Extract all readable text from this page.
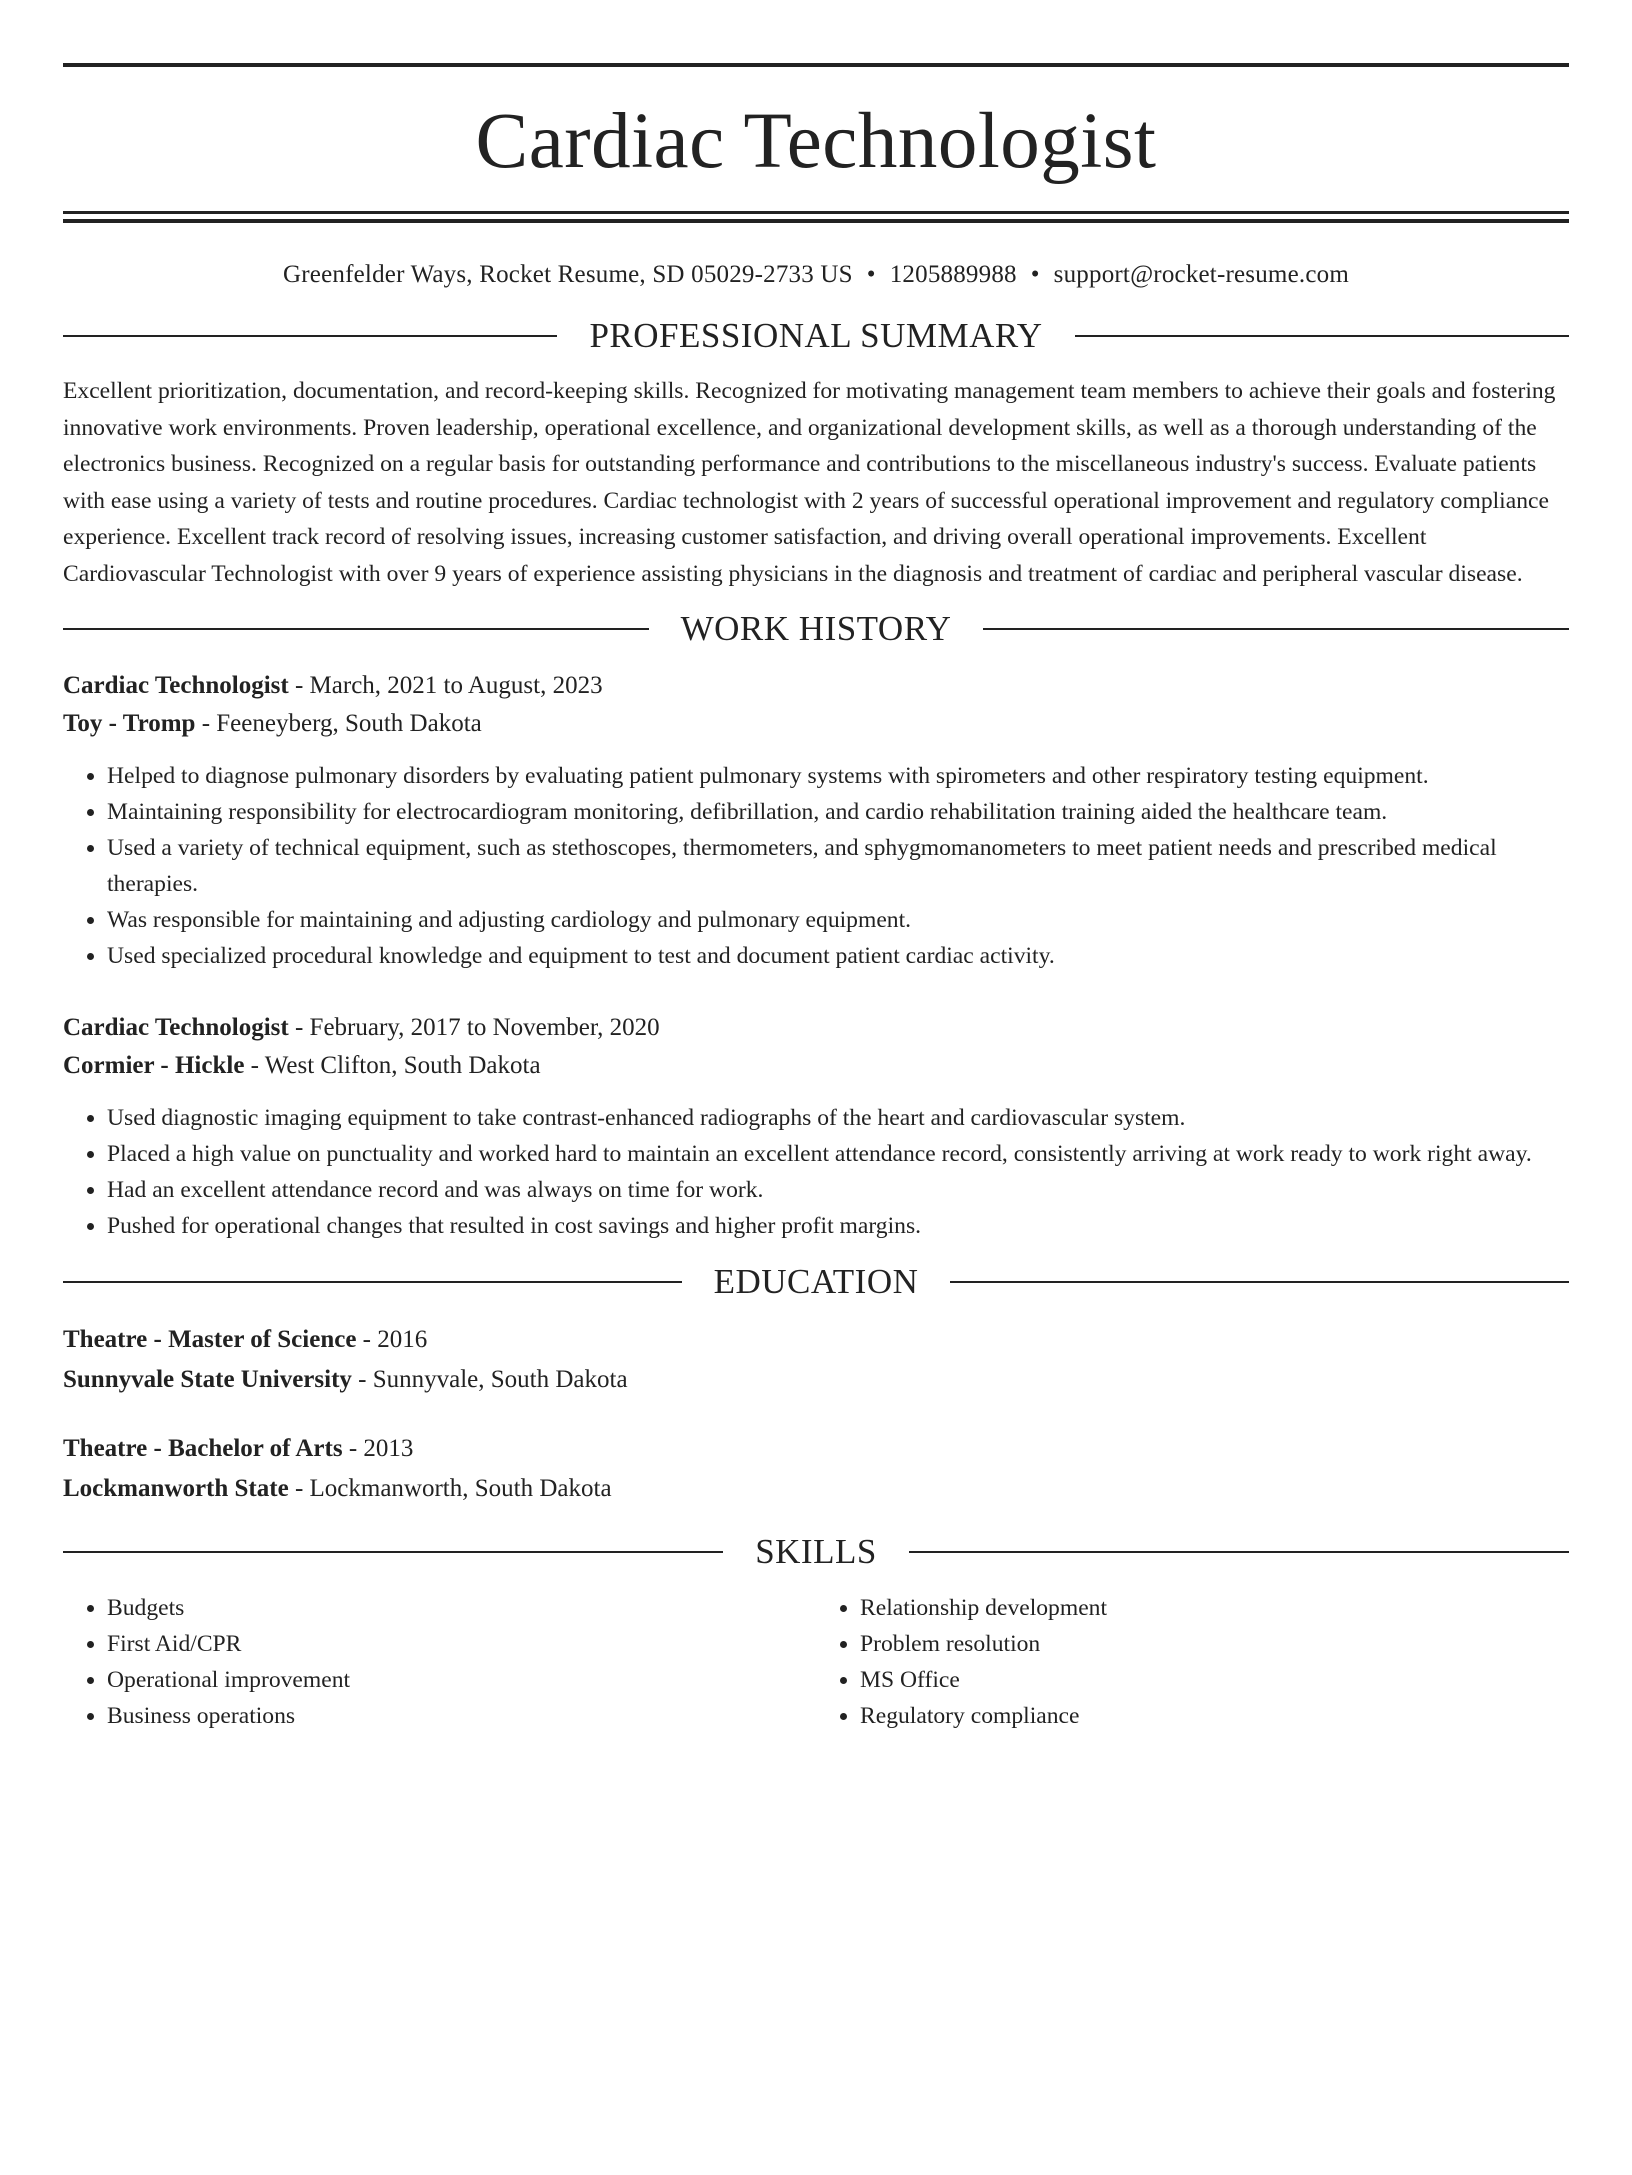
Cardiac Technologist
Greenfelder Ways, Rocket Resume, SD 05029-2733 US • 1205889988 • support@rocket-resume.com
PROFESSIONAL SUMMARY

Excellent prioritization, documentation, and record-keeping skills. Recognized for motivating management team members to achieve their goals and fostering innovative work environments. Proven leadership, operational excellence, and organizational development skills, as well as a thorough understanding of the electronics business. Recognized on a regular basis for outstanding performance and contributions to the miscellaneous industry's success. Evaluate patients with ease using a variety of tests and routine procedures. Cardiac technologist with 2 years of successful operational improvement and regulatory compliance experience. Excellent track record of resolving issues, increasing customer satisfaction, and driving overall operational improvements. Excellent Cardiovascular Technologist with over 9 years of experience assisting physicians in the diagnosis and treatment of cardiac and peripheral vascular disease.

WORK HISTORY

Cardiac Technologist - March, 2021 to August, 2023

Toy - Tromp - Feeneyberg, South Dakota

• Helped to diagnose pulmonary disorders by evaluating patient pulmonary systems with spirometers and other respiratory testing equipment.
• Maintaining responsibility for electrocardiogram monitoring, defibrillation, and cardio rehabilitation training aided the healthcare team.
• Used a variety of technical equipment, such as stethoscopes, thermometers, and sphygmomanometers to meet patient needs and prescribed medical therapies.
• Was responsible for maintaining and adjusting cardiology and pulmonary equipment.
• Used specialized procedural knowledge and equipment to test and document patient cardiac activity.

Cardiac Technologist - February, 2017 to November, 2020

Cormier - Hickle - West Clifton, South Dakota

• Used diagnostic imaging equipment to take contrast-enhanced radiographs of the heart and cardiovascular system.
• Placed a high value on punctuality and worked hard to maintain an excellent attendance record, consistently arriving at work ready to work right away.
• Had an excellent attendance record and was always on time for work.
• Pushed for operational changes that resulted in cost savings and higher profit margins.
EDUCATION

Theatre - Master of Science - 2016

Sunnyvale State University - Sunnyvale, South Dakota

Theatre - Bachelor of Arts - 2013

Lockmanworth State - Lockmanworth, South Dakota

SKILLS
• Budgets
• First Aid/CPR
• Operational improvement
• Business operations
• Relationship development
• Problem resolution
• MS Office
• Regulatory compliance
